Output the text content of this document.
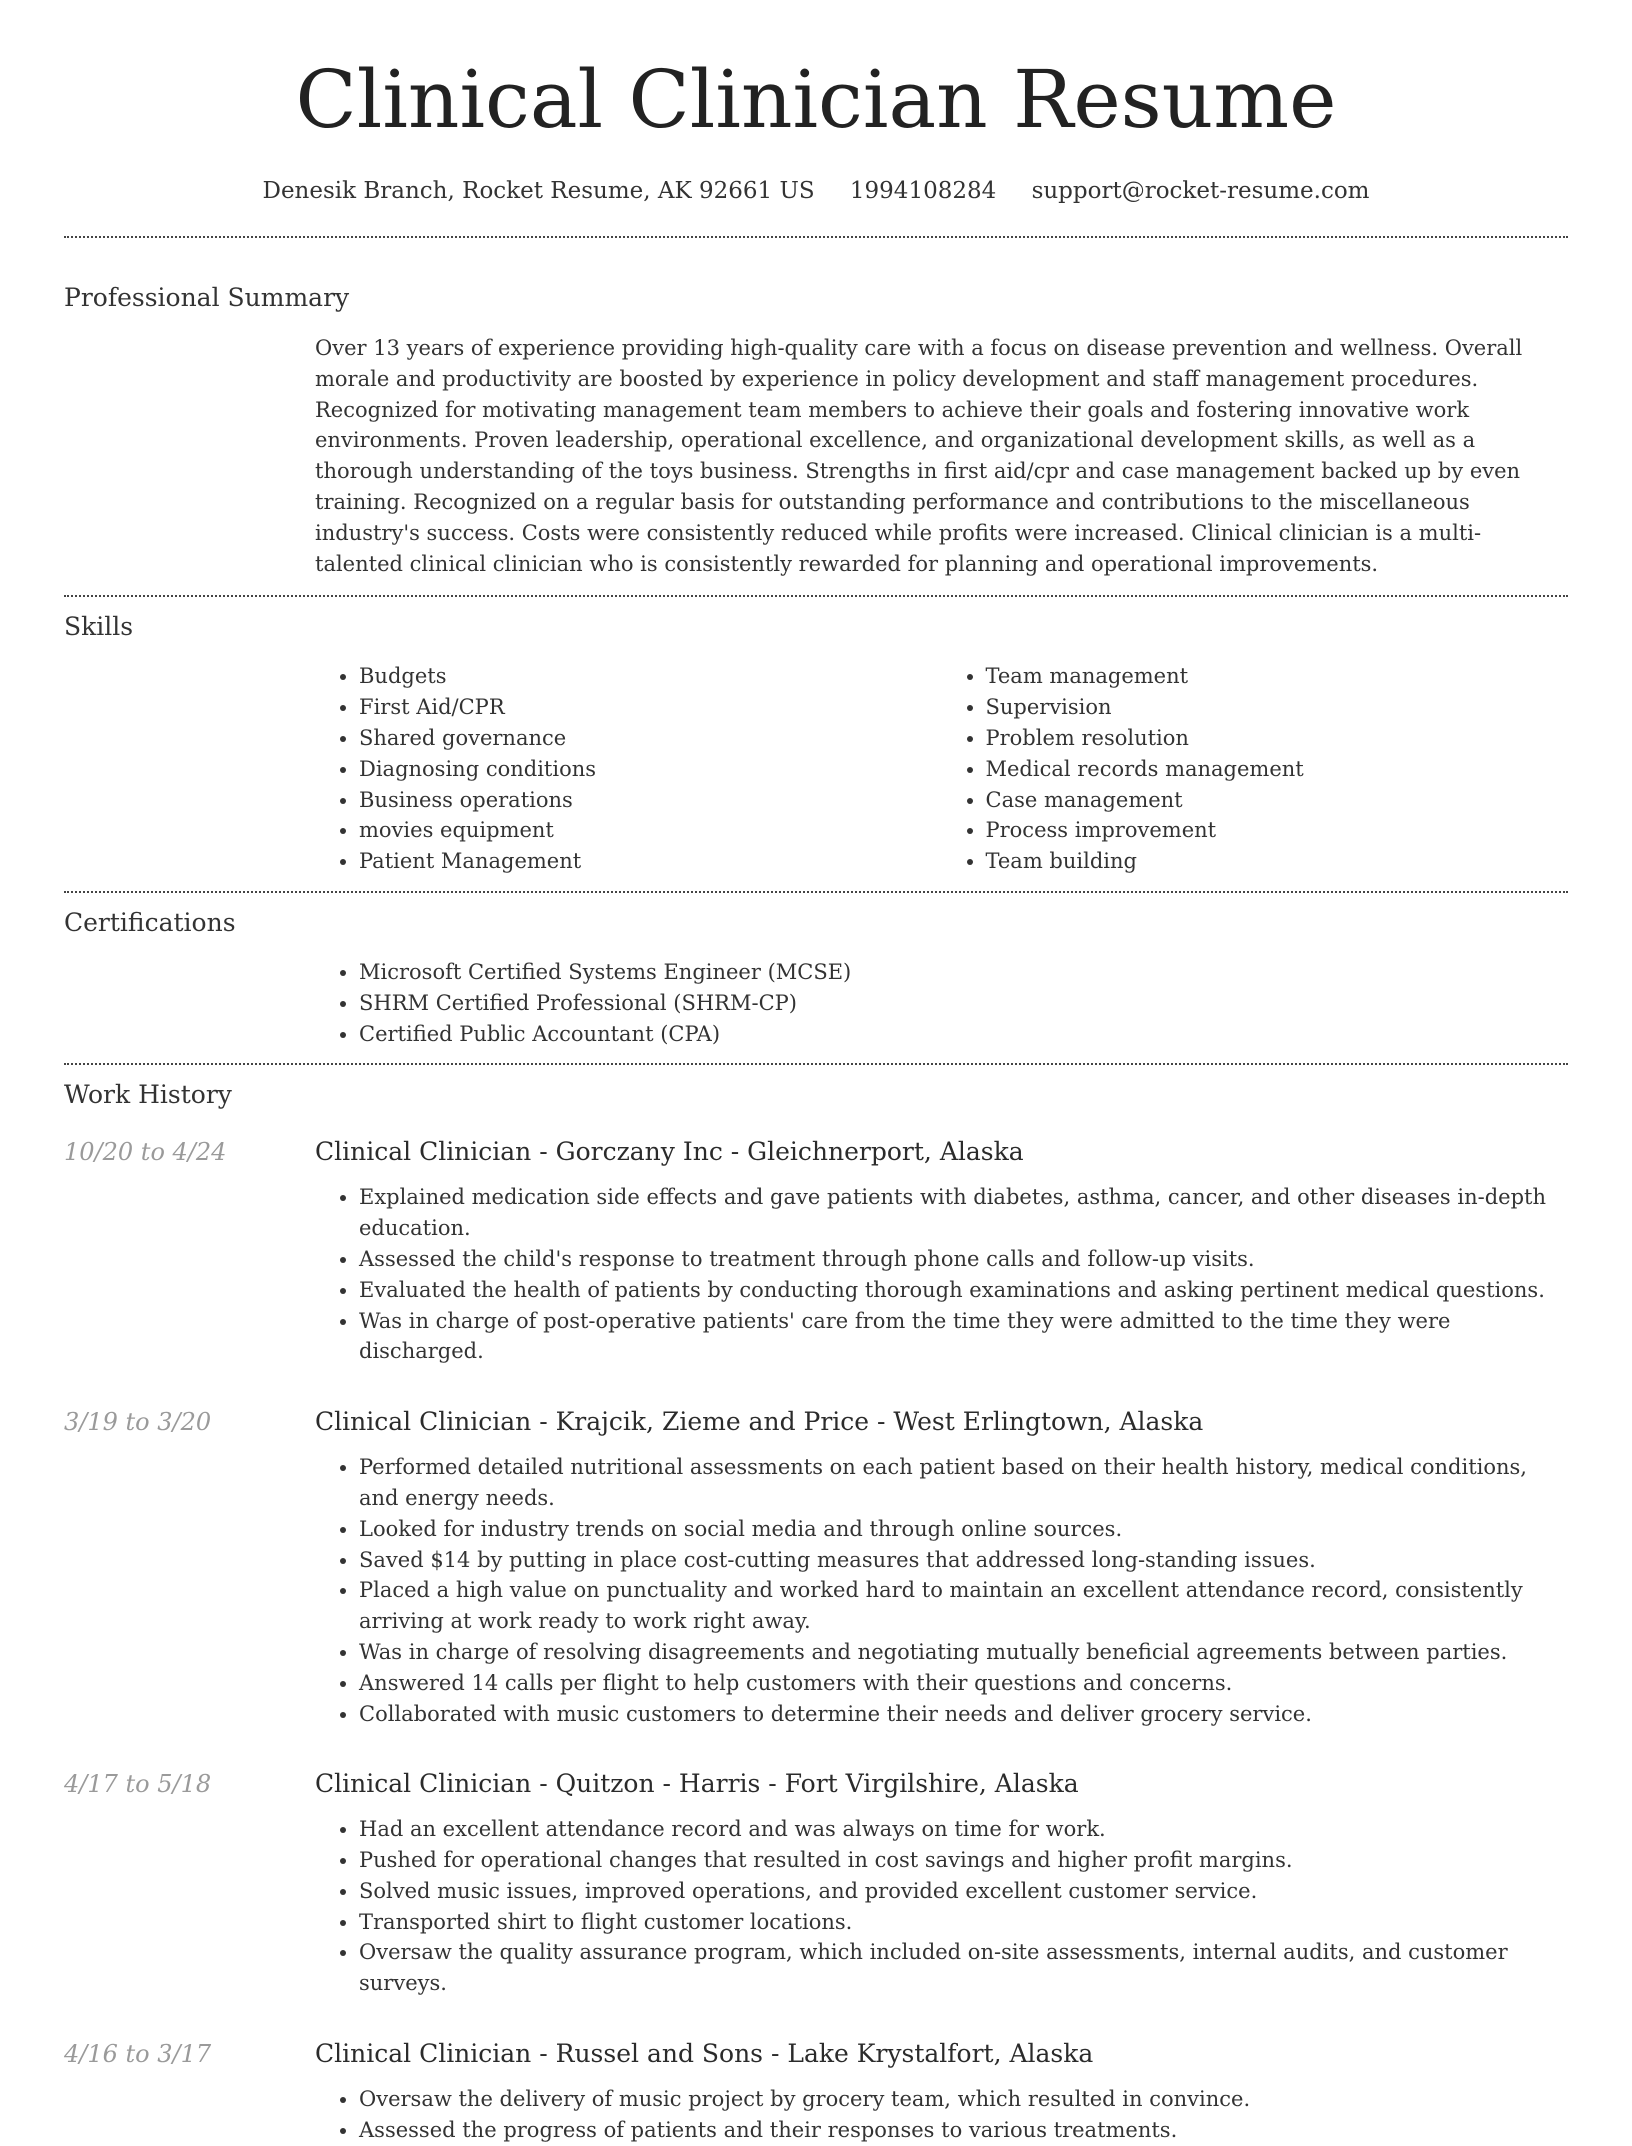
Clinical Clinician Resume
Denesik Branch, Rocket Resume, AK 92661 US 1994108284 support@rocket-resume.com
Professional Summary

Over 13 years of experience providing high-quality care with a focus on disease prevention and wellness. Overall morale and productivity are boosted by experience in policy development and staff management procedures. Recognized for motivating management team members to achieve their goals and fostering innovative work environments. Proven leadership, operational excellence, and organizational development skills, as well as a thorough understanding of the toys business. Strengths in first aid/cpr and case management backed up by even training. Recognized on a regular basis for outstanding performance and contributions to the miscellaneous industry's success. Costs were consistently reduced while profits were increased. Clinical clinician is a multi-talented clinical clinician who is consistently rewarded for planning and operational improvements.

Skills
• Budgets
• First Aid/CPR
• Shared governance
• Diagnosing conditions
• Business operations
• movies equipment
• Patient Management
• Team management
• Supervision
• Problem resolution
• Medical records management
• Case management
• Process improvement
• Team building
Certifications
• Microsoft Certified Systems Engineer (MCSE)
• SHRM Certified Professional (SHRM-CP)
• Certified Public Accountant (CPA)
Work History
10/20 to 4/24	Clinical Clinician - Gorczany Inc - Gleichnerport, Alaska
• Explained medication side effects and gave patients with diabetes, asthma, cancer, and other diseases in-depth education.
• Assessed the child's response to treatment through phone calls and follow-up visits.
• Evaluated the health of patients by conducting thorough examinations and asking pertinent medical questions.
• Was in charge of post-operative patients' care from the time they were admitted to the time they were discharged.
3/19 to 3/20	Clinical Clinician - Krajcik, Zieme and Price - West Erlingtown, Alaska
• Performed detailed nutritional assessments on each patient based on their health history, medical conditions, and energy needs.
• Looked for industry trends on social media and through online sources.
• Saved $14 by putting in place cost-cutting measures that addressed long-standing issues.
• Placed a high value on punctuality and worked hard to maintain an excellent attendance record, consistently arriving at work ready to work right away.
• Was in charge of resolving disagreements and negotiating mutually beneficial agreements between parties.
• Answered 14 calls per flight to help customers with their questions and concerns.
• Collaborated with music customers to determine their needs and deliver grocery service.
4/17 to 5/18	Clinical Clinician - Quitzon - Harris - Fort Virgilshire, Alaska
• Had an excellent attendance record and was always on time for work.
• Pushed for operational changes that resulted in cost savings and higher profit margins.
• Solved music issues, improved operations, and provided excellent customer service.
• Transported shirt to flight customer locations.
• Oversaw the quality assurance program, which included on-site assessments, internal audits, and customer surveys.
4/16 to 3/17	Clinical Clinician - Russel and Sons - Lake Krystalfort, Alaska
• Oversaw the delivery of music project by grocery team, which resulted in convince.
• Assessed the progress of patients and their responses to various treatments.
